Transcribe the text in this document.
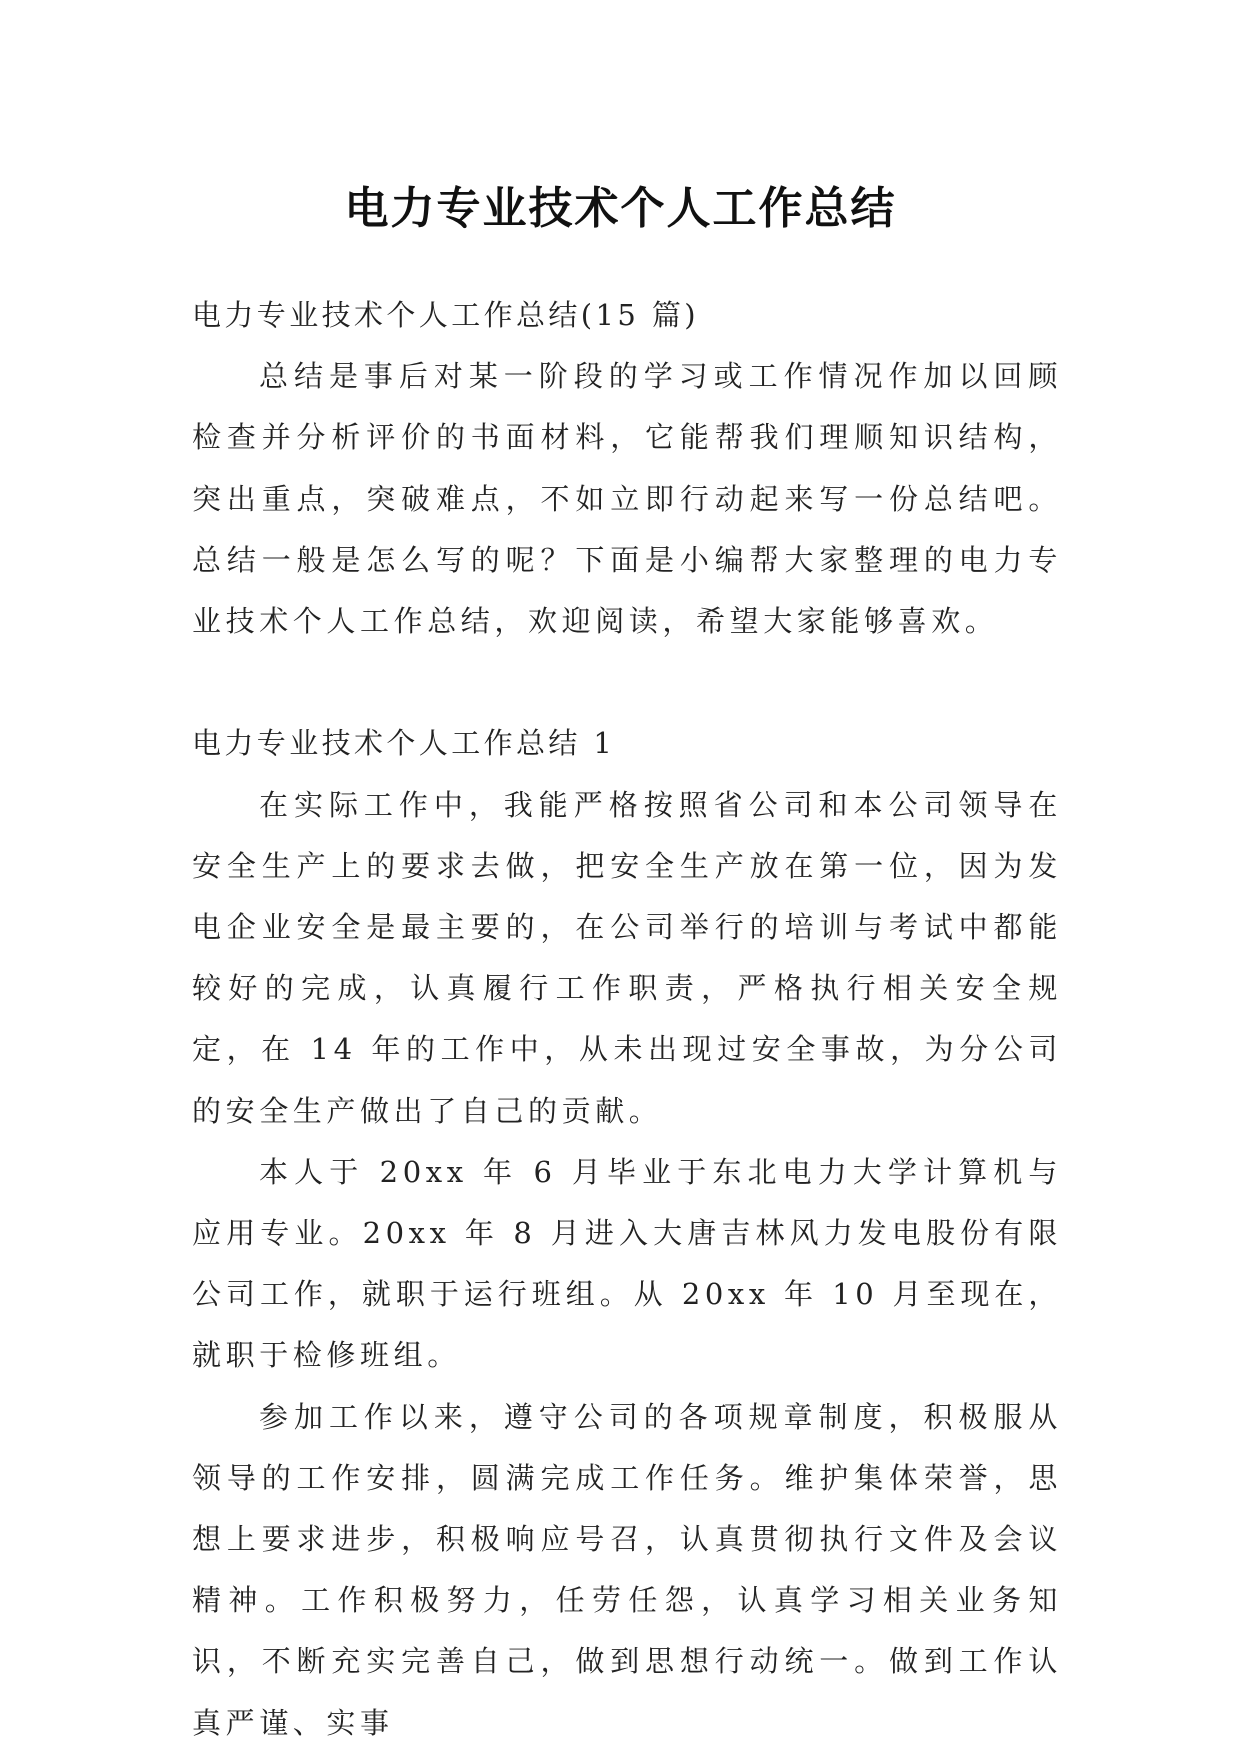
电力专业技术个人工作总结

电力专业技术个人工作总结(15 篇)

总结是事后对某一阶段的学习或工作情况作加以回顾检查并分析评价的书面材料，它能帮我们理顺知识结构，突出重点，突破难点，不如立即行动起来写一份总结吧。总结一般是怎么写的呢？下面是小编帮大家整理的电力专业技术个人工作总结，欢迎阅读，希望大家能够喜欢。

电力专业技术个人工作总结 1

在实际工作中，我能严格按照省公司和本公司领导在安全生产上的要求去做，把安全生产放在第一位，因为发电企业安全是最主要的，在公司举行的培训与考试中都能较好的完成，认真履行工作职责，严格执行相关安全规定，在 14 年的工作中，从未出现过安全事故，为分公司的安全生产做出了自己的贡献。

本人于 20xx 年 6 月毕业于东北电力大学计算机与应用专业。20xx 年 8 月进入大唐吉林风力发电股份有限公司工作，就职于运行班组。从 20xx 年 10 月至现在，就职于检修班组。

参加工作以来，遵守公司的各项规章制度，积极服从领导的工作安排，圆满完成工作任务。维护集体荣誉，思想上要求进步，积极响应号召，认真贯彻执行文件及会议精神。工作积极努力，任劳任怨，认真学习相关业务知识，不断充实完善自己，做到思想行动统一。做到工作认真严谨、实事
